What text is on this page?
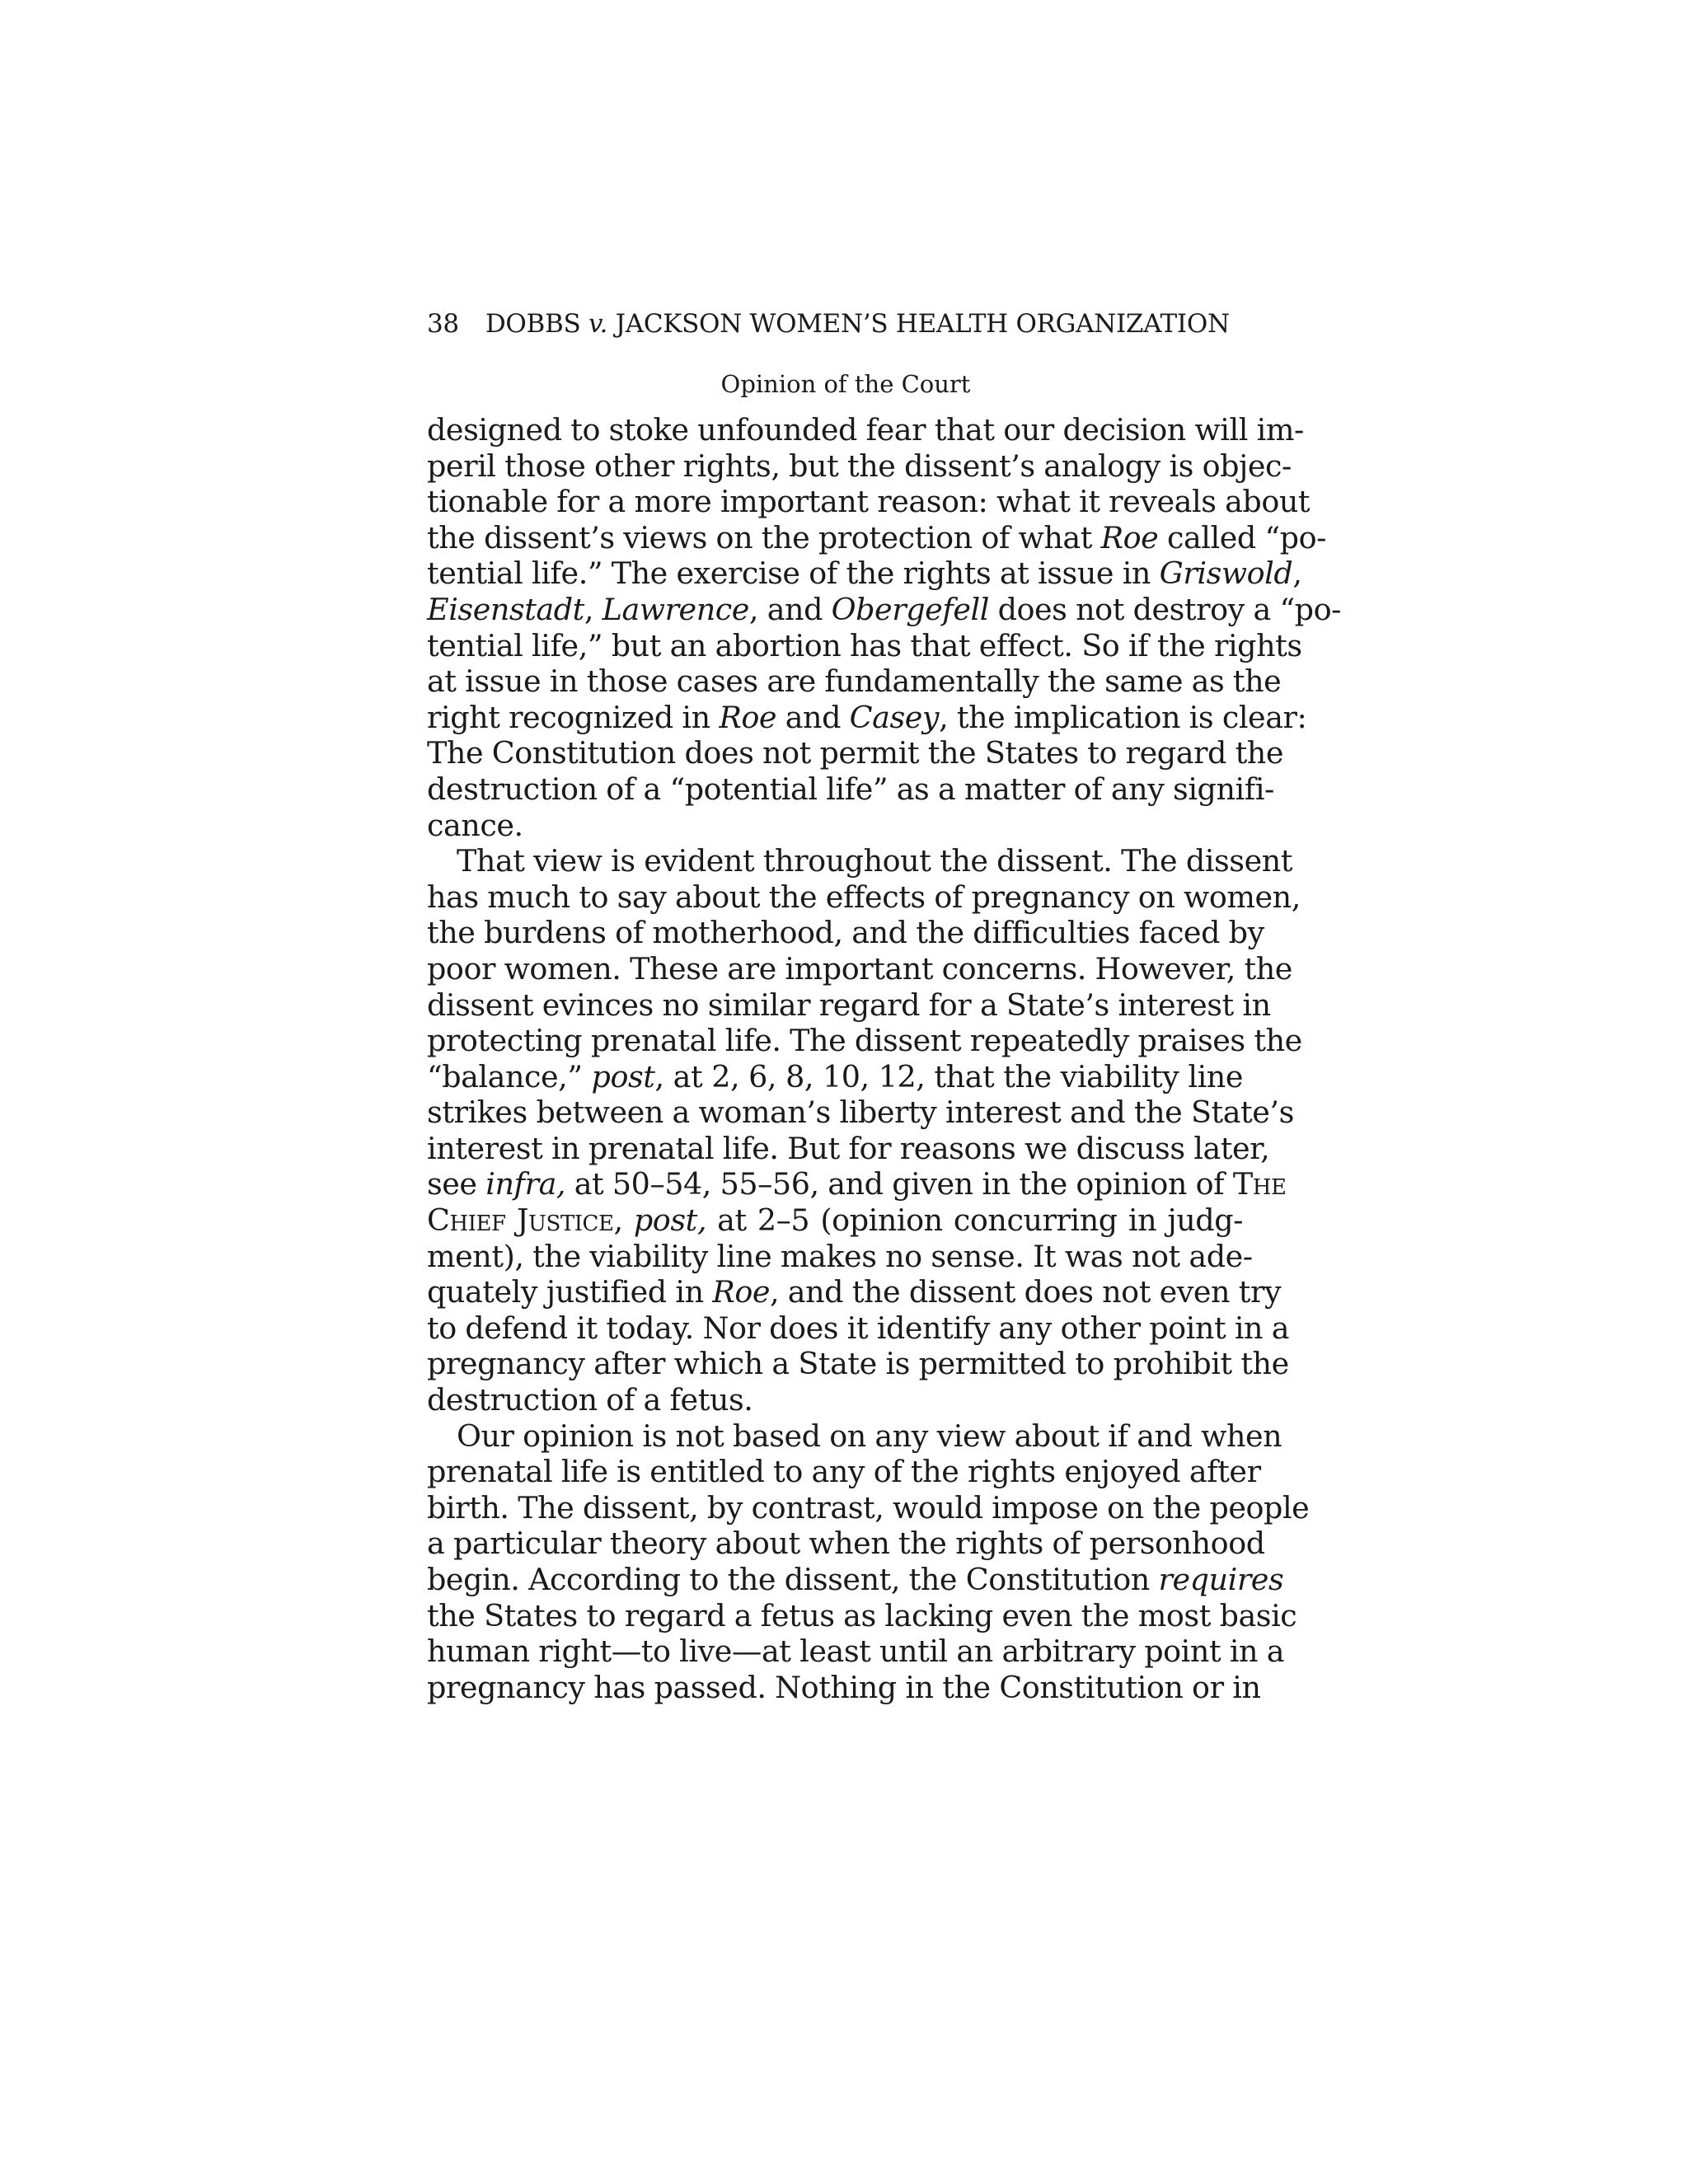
38 DOBBS v. JACKSON WOMEN’S HEALTH ORGANIZATION
Opinion of the Court

designed to stoke unfounded fear that our decision will im-
peril those other rights, but the dissent’s analogy is objec-
tionable for a more important reason: what it reveals about
the dissent’s views on the protection of what Roe called “po-
tential life.” The exercise of the rights at issue in Griswold,
Eisenstadt, Lawrence, and Obergefell does not destroy a “po-
tential life,” but an abortion has that effect. So if the rights
at issue in those cases are fundamentally the same as the
right recognized in Roe and Casey, the implication is clear:
The Constitution does not permit the States to regard the
destruction of a “potential life” as a matter of any signifi-
cance.

That view is evident throughout the dissent. The dissent
has much to say about the effects of pregnancy on women,
the burdens of motherhood, and the difficulties faced by
poor women. These are important concerns. However, the
dissent evinces no similar regard for a State’s interest in
protecting prenatal life. The dissent repeatedly praises the
“balance,” post, at 2, 6, 8, 10, 12, that the viability line
strikes between a woman’s liberty interest and the State’s
interest in prenatal life. But for reasons we discuss later,
see infra, at 50–54, 55–56, and given in the opinion of The
Chief Justice, post, at 2–5 (opinion concurring in judg-
ment), the viability line makes no sense. It was not ade-
quately justified in Roe, and the dissent does not even try
to defend it today. Nor does it identify any other point in a
pregnancy after which a State is permitted to prohibit the
destruction of a fetus.

Our opinion is not based on any view about if and when
prenatal life is entitled to any of the rights enjoyed after
birth. The dissent, by contrast, would impose on the people
a particular theory about when the rights of personhood
begin. According to the dissent, the Constitution requires
the States to regard a fetus as lacking even the most basic
human right—to live—at least until an arbitrary point in a
pregnancy has passed. Nothing in the Constitution or in
